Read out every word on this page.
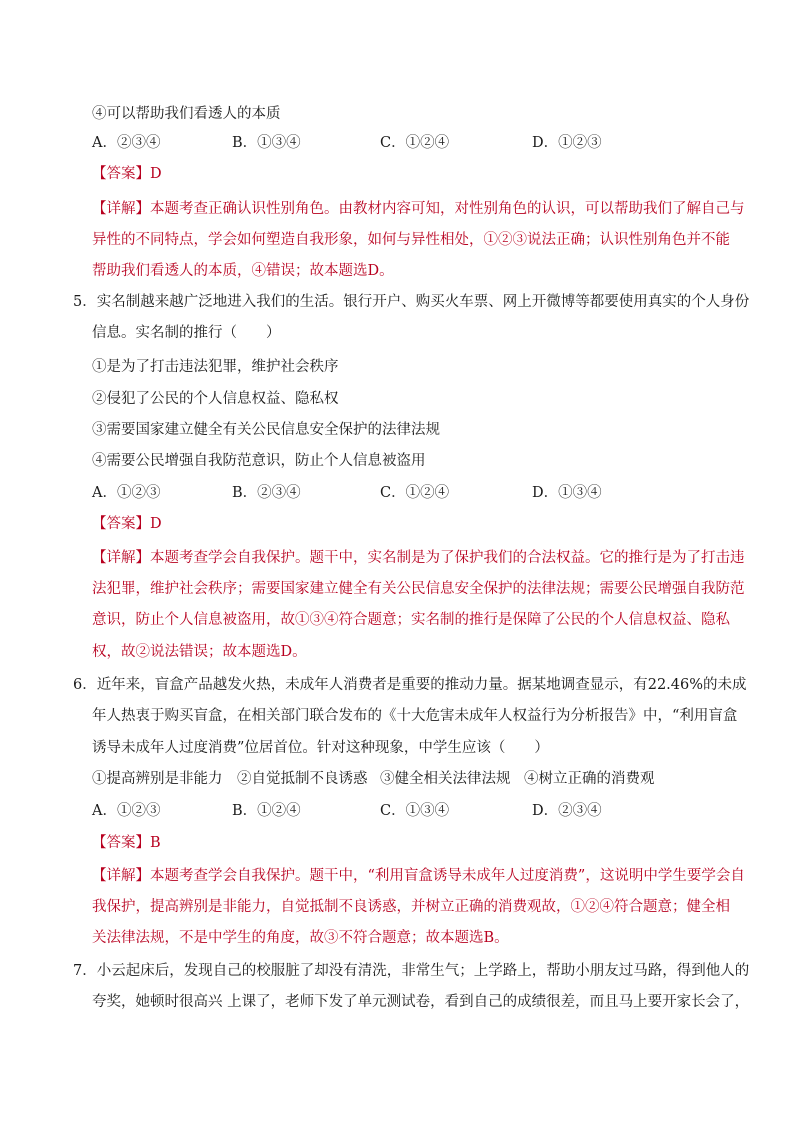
④可以帮助我们看透人的本质
A．②③④	B．①③④	C．①②④	D．①②③
【答案】D
【详解】本题考查正确认识性别角色。由教材内容可知，对性别角色的认识，可以帮助我们了解自己与
异性的不同特点，学会如何塑造自我形象，如何与异性相处，①②③说法正确；认识性别角色并不能
帮助我们看透人的本质，④错误；故本题选D。
5．实名制越来越广泛地进入我们的生活。银行开户、购买火车票、网上开微博等都要使用真实的个人身份
信息。实名制的推行（　　）
①是为了打击违法犯罪，维护社会秩序
②侵犯了公民的个人信息权益、隐私权
③需要国家建立健全有关公民信息安全保护的法律法规
④需要公民增强自我防范意识，防止个人信息被盗用
A．①②③	B．②③④	C．①②④	D．①③④
【答案】D
【详解】本题考查学会自我保护。题干中，实名制是为了保护我们的合法权益。它的推行是为了打击违
法犯罪，维护社会秩序；需要国家建立健全有关公民信息安全保护的法律法规；需要公民增强自我防范
意识，防止个人信息被盗用，故①③④符合题意；实名制的推行是保障了公民的个人信息权益、隐私
权，故②说法错误；故本题选D。
6．近年来，盲盒产品越发火热，未成年人消费者是重要的推动力量。据某地调查显示，有22.46%的未成
年人热衷于购买盲盒，在相关部门联合发布的《十大危害未成年人权益行为分析报告》中，“利用盲盒
诱导未成年人过度消费”位居首位。针对这种现象，中学生应该（　　）
①提高辨别是非能力 ②自觉抵制不良诱惑 ③健全相关法律法规 ④树立正确的消费观
A．①②③	B．①②④	C．①③④	D．②③④
【答案】B
【详解】本题考查学会自我保护。题干中，“利用盲盒诱导未成年人过度消费”，这说明中学生要学会自
我保护，提高辨别是非能力，自觉抵制不良诱惑，并树立正确的消费观故，①②④符合题意；健全相
关法律法规，不是中学生的角度，故③不符合题意；故本题选B。
7．小云起床后，发现自己的校服脏了却没有清洗，非常生气；上学路上，帮助小朋友过马路，得到他人的
夸奖，她顿时很高兴 上课了，老师下发了单元测试卷，看到自己的成绩很差，而且马上要开家长会了，
